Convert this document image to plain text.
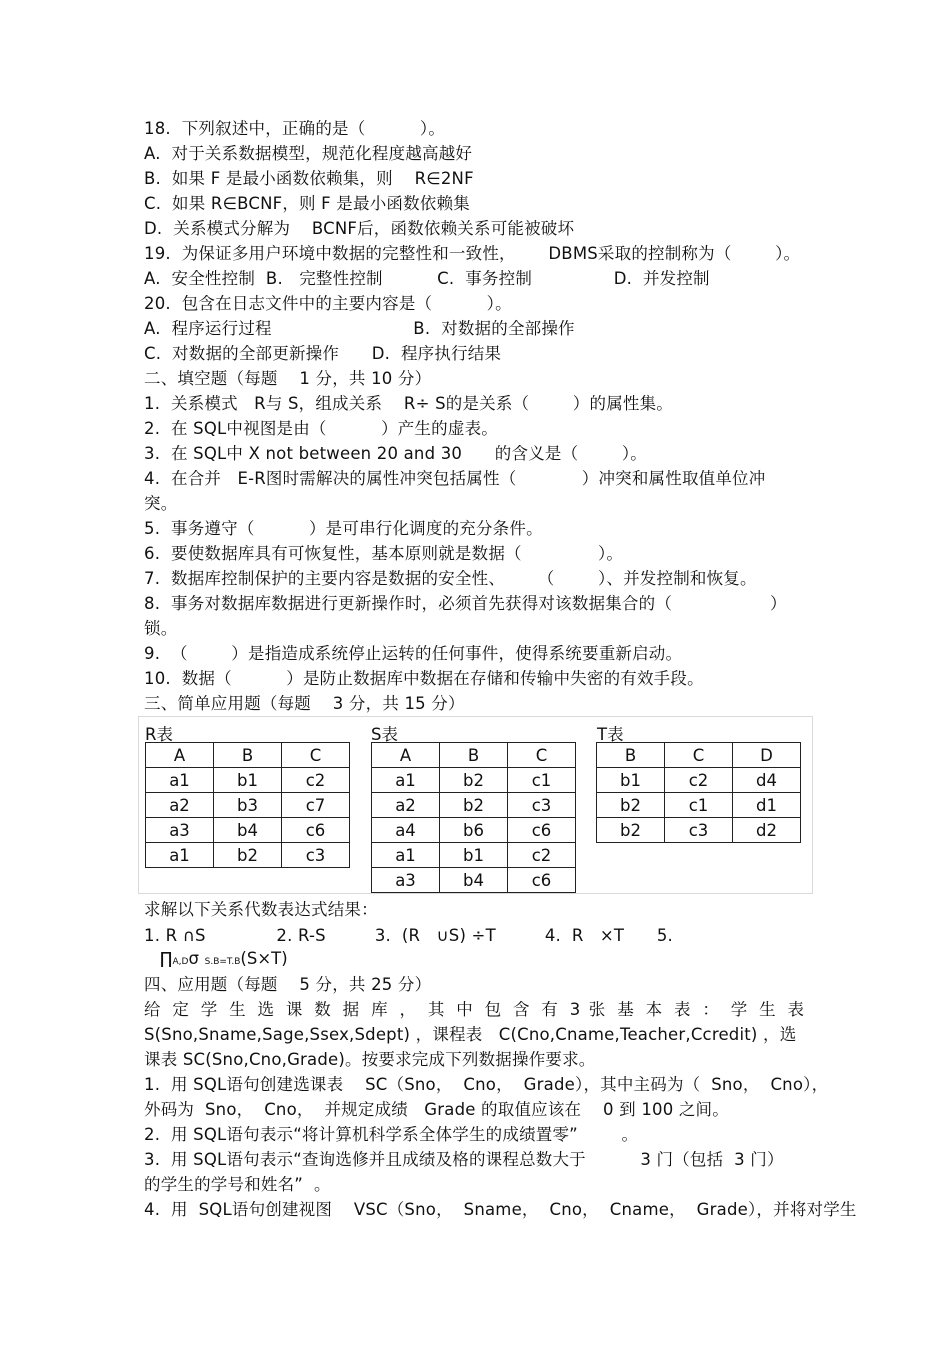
18.  下列叙述中，正确的是（          ）。
A.  对于关系数据模型，规范化程度越高越好
B.  如果 F 是最小函数依赖集，则    R∈2NF
C.  如果 R∈BCNF，则 F 是最小函数依赖集
D.  关系模式分解为    BCNF后，函数依赖关系可能被破坏
19.  为保证多用户环境中数据的完整性和一致性，      DBMS采取的控制称为（        ）。
A.  安全性控制  B.   完整性控制          C.  事务控制               D.  并发控制
20.  包含在日志文件中的主要内容是（          ）。
A.  程序运行过程                          B.  对数据的全部操作
C.  对数据的全部更新操作      D.  程序执行结果
二、填空题（每题    1 分，共 10 分）
1.  关系模式   R与 S，组成关系    R÷ S的是关系（        ）的属性集。
2.  在 SQL中视图是由（          ）产生的虚表。
3.  在 SQL中 X not between 20 and 30      的含义是（        ）。
4.  在合并   E-R图时需解决的属性冲突包括属性（            ）冲突和属性取值单位冲
突。
5.  事务遵守（          ）是可串行化调度的充分条件。
6.  要使数据库具有可恢复性，基本原则就是数据（              ）。
7.  数据库控制保护的主要内容是数据的安全性、      （        ）、并发控制和恢复。
8.  事务对数据库数据进行更新操作时，必须首先获得对该数据集合的（                  ）
锁。
9.  （        ）是指造成系统停止运转的任何事件，使得系统要重新启动。
10.  数据（          ）是防止数据库中数据在存储和传输中失密的有效手段。
三、简单应用题（每题    3 分，共 15 分）
R表	S表	T表
A	B	C
a1	b1	c2
a2	b3	c7
a3	b4	c6
a1	b2	c3
A	B	C
a1	b2	c1
a2	b2	c3
a4	b6	c6
a1	b1	c2
a3	b4	c6
B	C	D
b1	c2	d4
b2	c1	d1
b2	c3	d2
求解以下关系代数表达式结果：
1. R ∩S             2. R-S         3.  (R   ∪S) ÷T         4.  R   ×T      5.
∏A,Dσ  S.B=T.B(S×T)
四、应用题（每题    5 分，共 25 分）
给 定 学 生 选 课 数 据 库 ， 其 中 包 含 有 3 张 基 本 表 ： 学 生 表
S(Sno,Sname,Sage,Ssex,Sdept) ，课程表   C(Cno,Cname,Teacher,Ccredit) ，选
课表 SC(Sno,Cno,Grade)。按要求完成下列数据操作要求。
1.  用 SQL语句创建选课表    SC（Sno，  Cno，  Grade），其中主码为（  Sno，  Cno），
外码为  Sno，  Cno，  并规定成绩   Grade 的取值应该在    0 到 100 之间。
2.  用 SQL语句表示“将计算机科学系全体学生的成绩置零”        。
3.  用 SQL语句表示“查询选修并且成绩及格的课程总数大于          3 门（包括  3 门）
的学生的学号和姓名”  。
4.  用  SQL语句创建视图    VSC（Sno，  Sname，  Cno，  Cname，  Grade），并将对学生
